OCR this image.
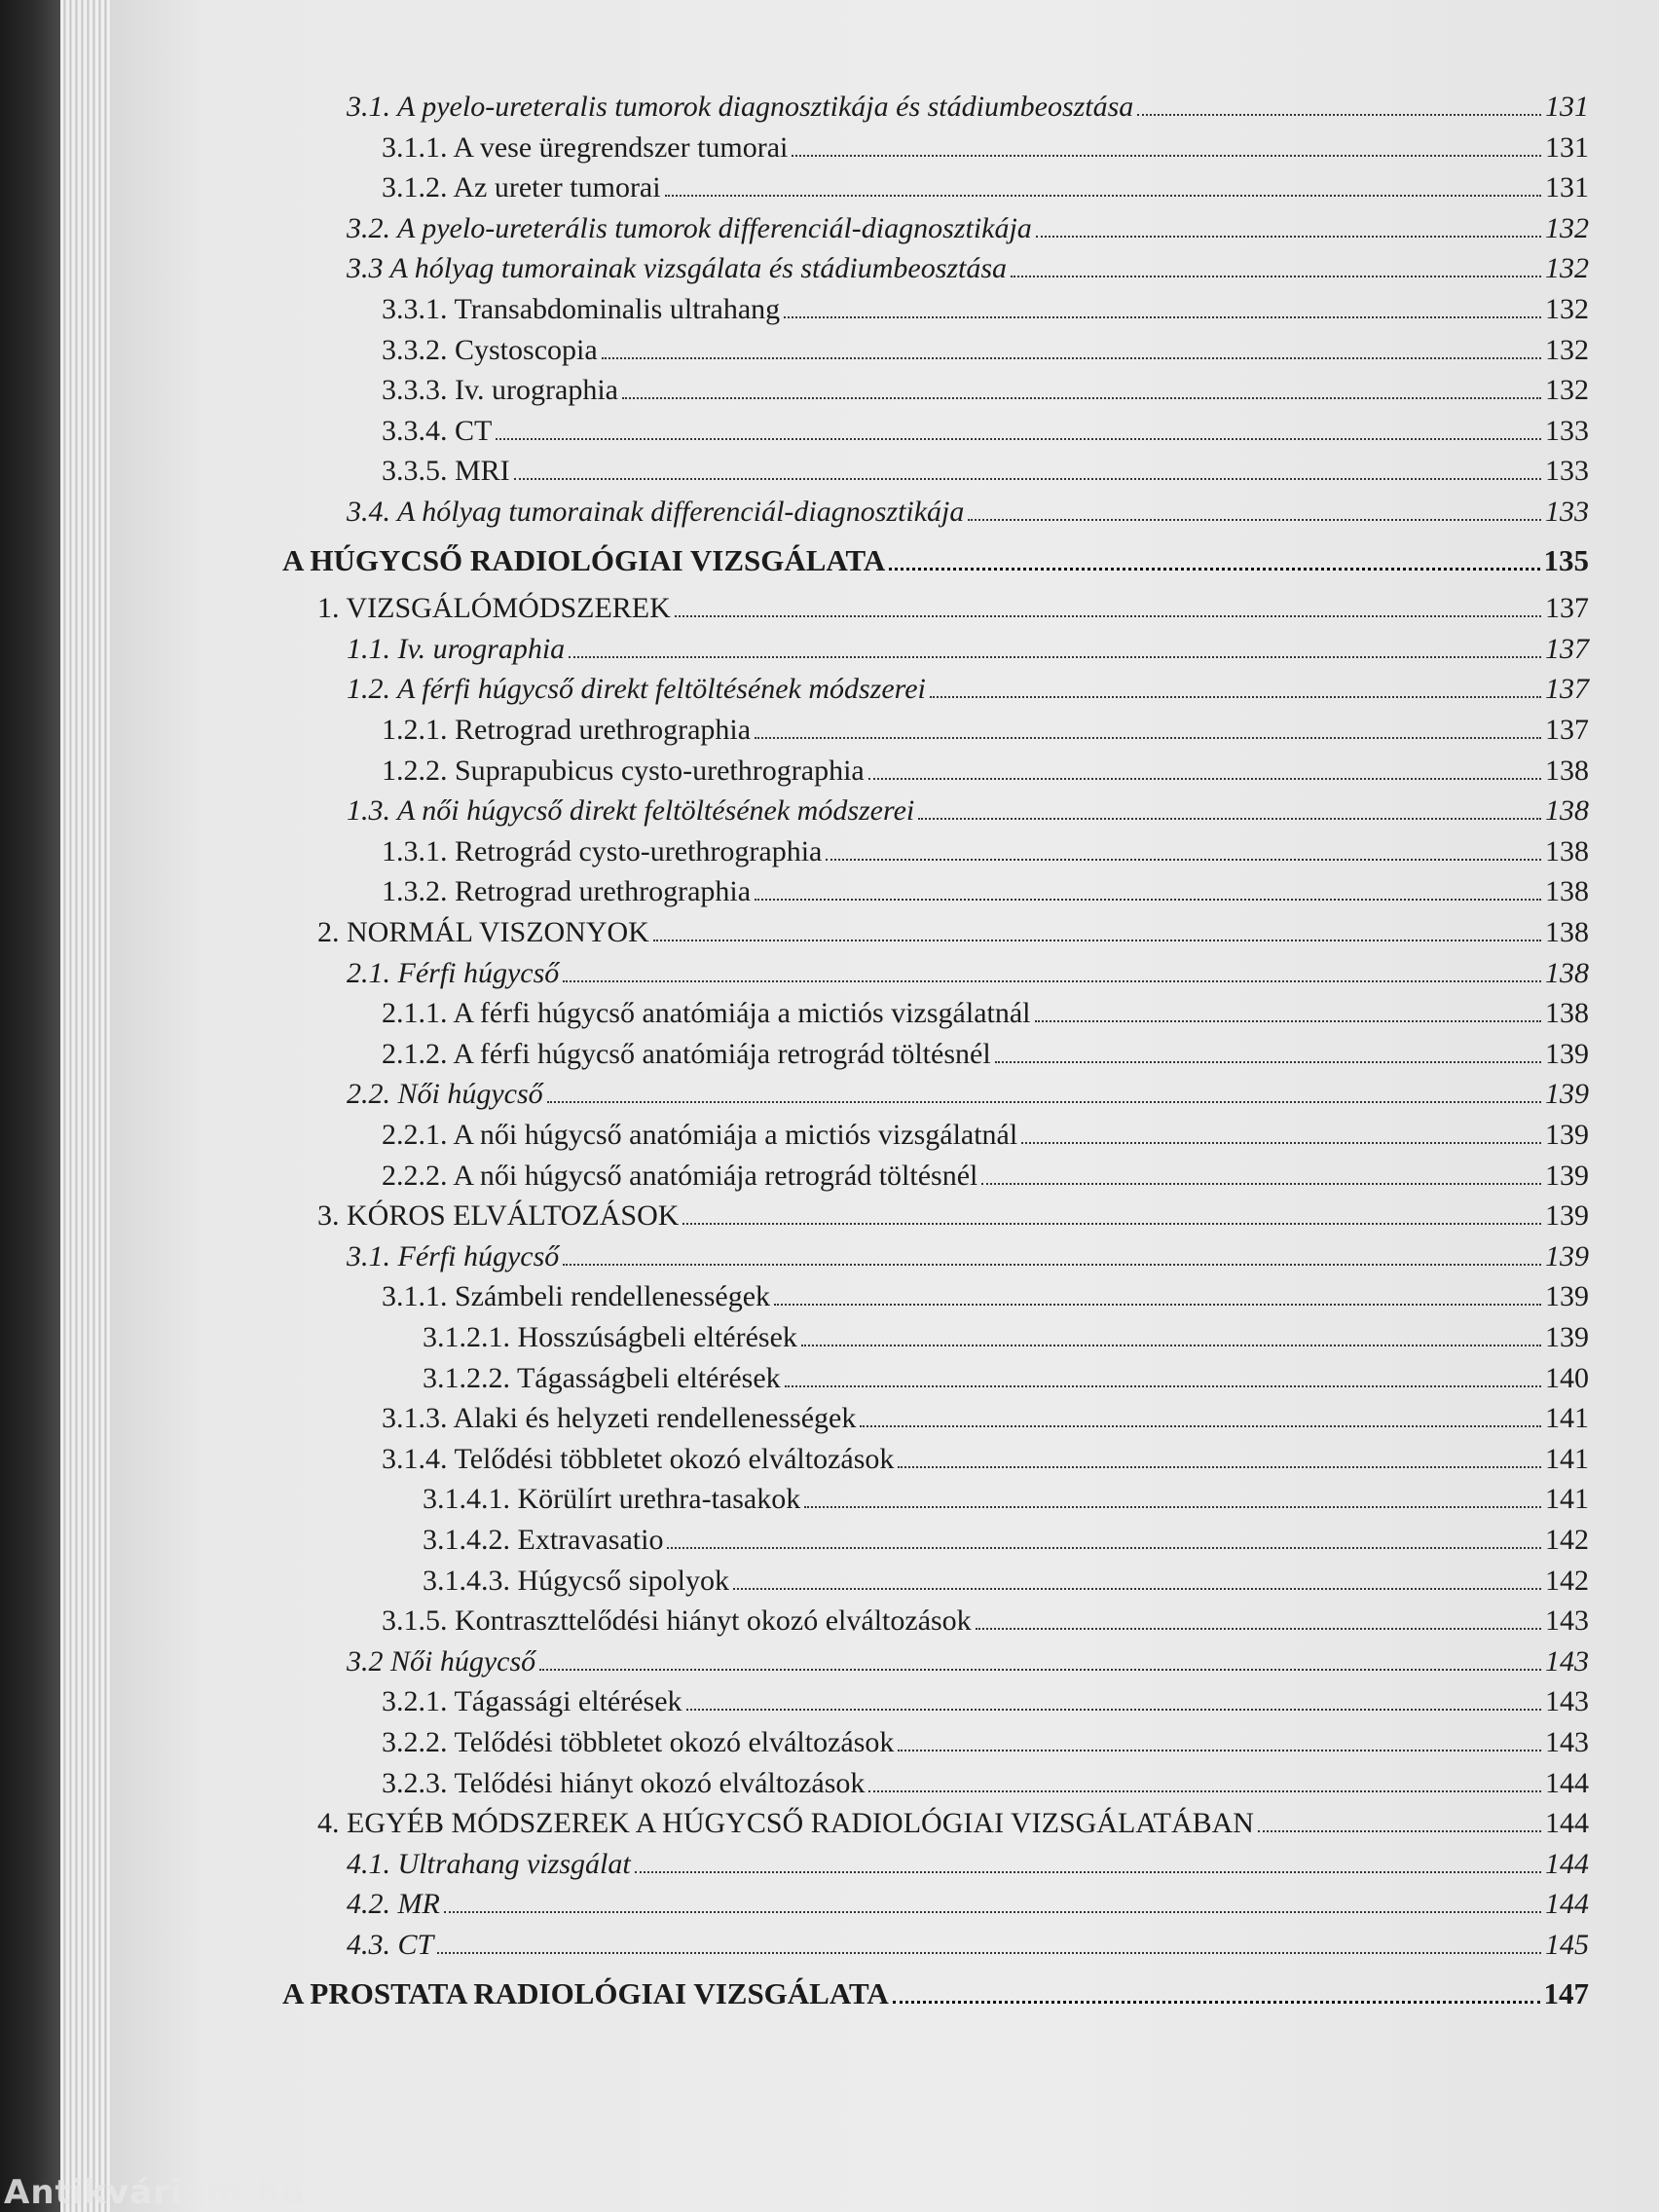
3.1. A pyelo-ureteralis tumorok diagnosztikája és stádiumbeosztása	131
3.1.1. A vese üregrendszer tumorai	131
3.1.2. Az ureter tumorai	131
3.2. A pyelo-ureterális tumorok differenciál-diagnosztikája	132
3.3 A hólyag tumorainak vizsgálata és stádiumbeosztása	132
3.3.1. Transabdominalis ultrahang	132
3.3.2. Cystoscopia	132
3.3.3. Iv. urographia	132
3.3.4. CT	133
3.3.5. MRI	133
3.4. A hólyag tumorainak differenciál-diagnosztikája	133
A HÚGYCSŐ RADIOLÓGIAI VIZSGÁLATA	135
1. VIZSGÁLÓMÓDSZEREK	137
1.1. Iv. urographia	137
1.2. A férfi húgycső direkt feltöltésének módszerei	137
1.2.1. Retrograd urethrographia	137
1.2.2. Suprapubicus cysto-urethrographia	138
1.3. A női húgycső direkt feltöltésének módszerei	138
1.3.1. Retrográd cysto-urethrographia	138
1.3.2. Retrograd urethrographia	138
2. NORMÁL VISZONYOK	138
2.1. Férfi húgycső	138
2.1.1. A férfi húgycső anatómiája a mictiós vizsgálatnál	138
2.1.2. A férfi húgycső anatómiája retrográd töltésnél	139
2.2. Női húgycső	139
2.2.1. A női húgycső anatómiája a mictiós vizsgálatnál	139
2.2.2. A női húgycső anatómiája retrográd töltésnél	139
3. KÓROS ELVÁLTOZÁSOK	139
3.1. Férfi húgycső	139
3.1.1. Számbeli rendellenességek	139
3.1.2.1. Hosszúságbeli eltérések	139
3.1.2.2. Tágasságbeli eltérések	140
3.1.3. Alaki és helyzeti rendellenességek	141
3.1.4. Telődési többletet okozó elváltozások	141
3.1.4.1. Körülírt urethra-tasakok	141
3.1.4.2. Extravasatio	142
3.1.4.3. Húgycső sipolyok	142
3.1.5. Kontraszttelődési hiányt okozó elváltozások	143
3.2 Női húgycső	143
3.2.1. Tágassági eltérések	143
3.2.2. Telődési többletet okozó elváltozások	143
3.2.3. Telődési hiányt okozó elváltozások	144
4. EGYÉB MÓDSZEREK A HÚGYCSŐ RADIOLÓGIAI VIZSGÁLATÁBAN	144
4.1. Ultrahang vizsgálat	144
4.2. MR	144
4.3. CT	145
A PROSTATA RADIOLÓGIAI VIZSGÁLATA	147
Antikvárium.hu
